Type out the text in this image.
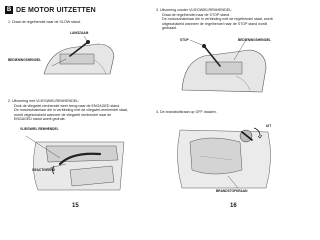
B DE MOTOR UITZETTEN
1. Draai de regelhendel naar de SLOW stand.
LANGZAAM
BEDIENINGSHENDEL
2. Uitvoering met VLIEGWIELREMHENDEL:
Druk de vliegwiel-remhendel weer terug naar de ENGAGED stand.
De motorschakelaar die in verbinding met de vliegwiel-remhendel staat,
wordt uitgeschakeld wanneer de vliegwiel remhendel naar de
ENGAGED stand wordt gedrukt.
VLIEGWIEL REMHENDEL
GEACTIVEERD
15
3. Uitvoering zonder VLIEGWIELREMHENDEL:
Draai de regelhendel naar de STOP stand.
De motorschakelaar die in verbinding met de regelhendel staat, wordt
uitgeschakeld wanneer de regelhendel naar de STOP stand wordt
gedraaid.
STOP	BEDIENINGSHENDEL
4. De brandstofkraan op OFF draaien.
UIT
BRANDSTOFKRAAN
16
